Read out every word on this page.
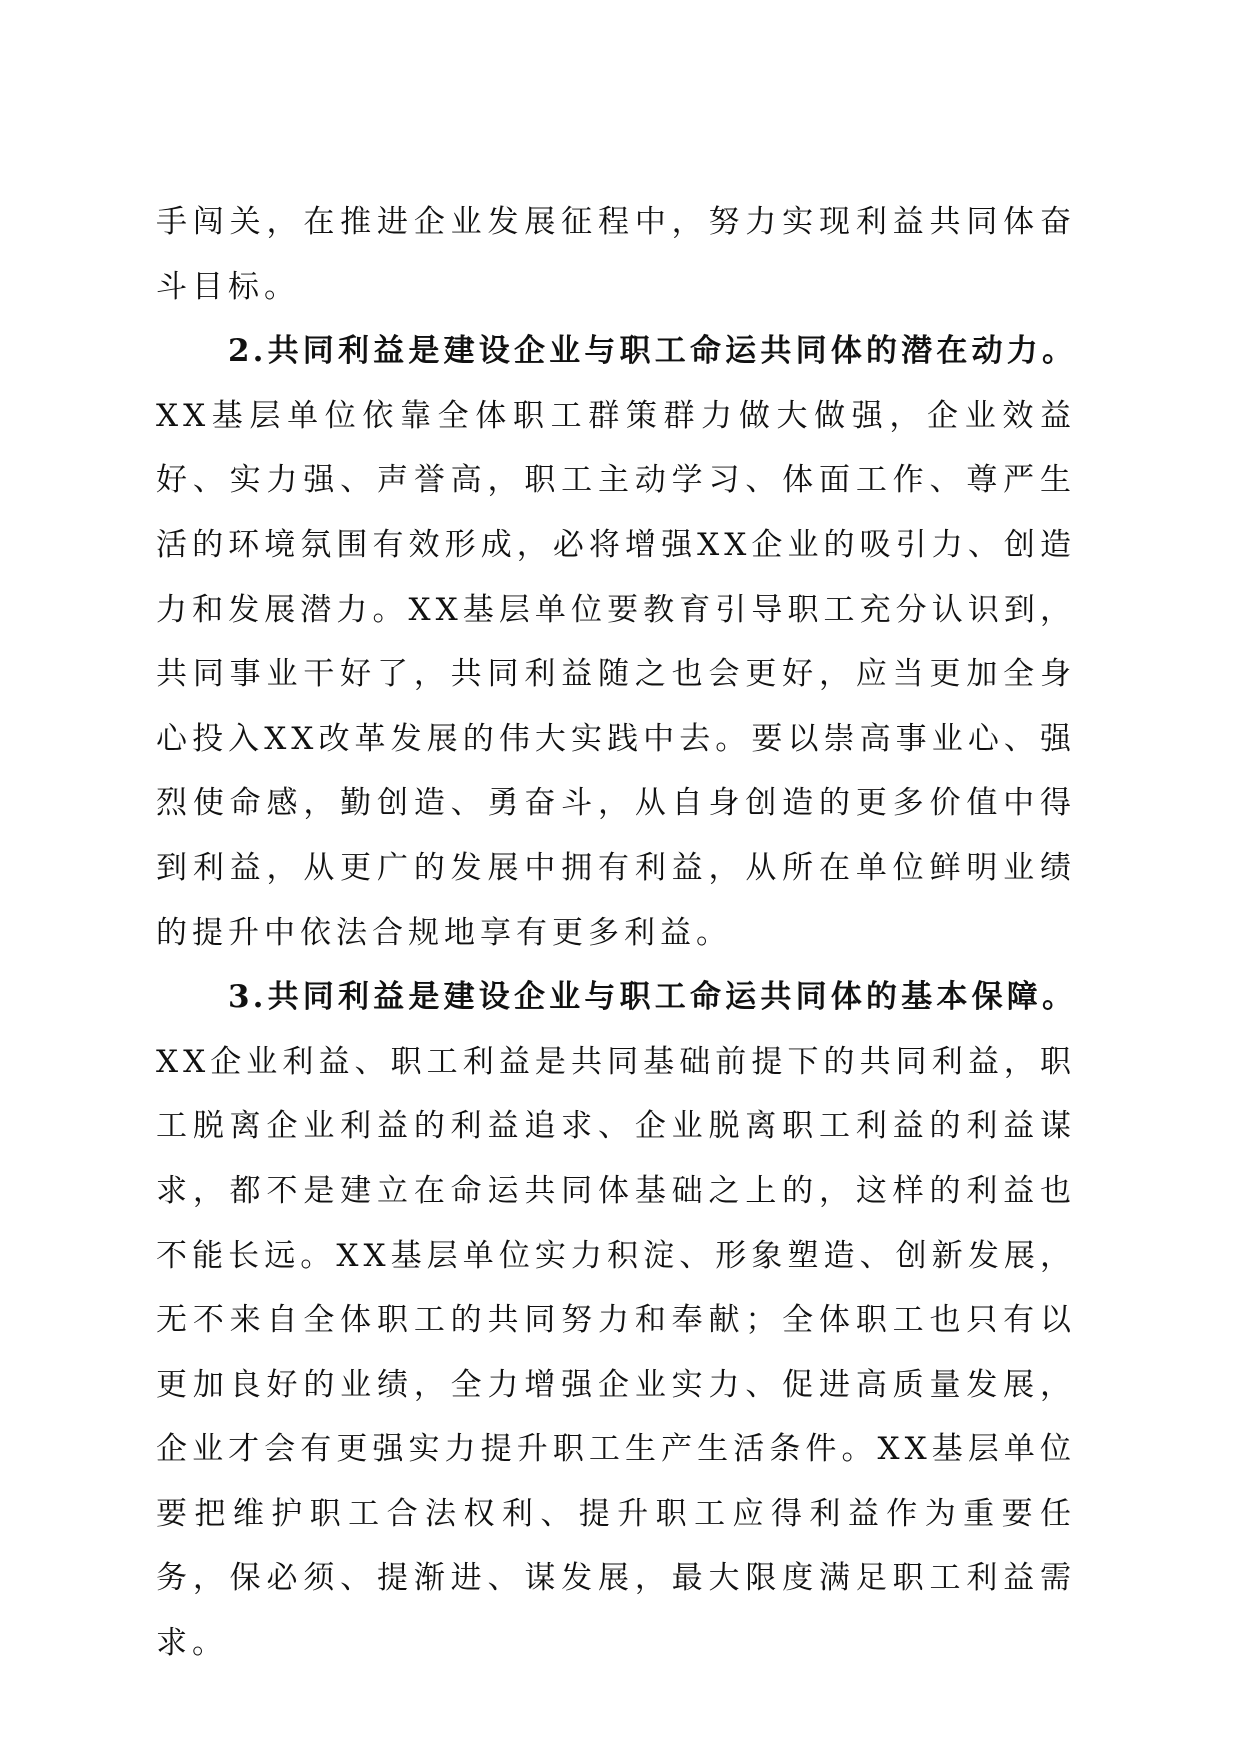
手闯关，在推进企业发展征程中，努力实现利益共同体奋斗目标。

2.共同利益是建设企业与职工命运共同体的潜在动力。XX基层单位依靠全体职工群策群力做大做强，企业效益好、实力强、声誉高，职工主动学习、体面工作、尊严生活的环境氛围有效形成，必将增强XX企业的吸引力、创造力和发展潜力。XX基层单位要教育引导职工充分认识到，共同事业干好了，共同利益随之也会更好，应当更加全身心投入XX改革发展的伟大实践中去。要以崇高事业心、强烈使命感，勤创造、勇奋斗，从自身创造的更多价值中得到利益，从更广的发展中拥有利益，从所在单位鲜明业绩的提升中依法合规地享有更多利益。

3.共同利益是建设企业与职工命运共同体的基本保障。XX企业利益、职工利益是共同基础前提下的共同利益，职工脱离企业利益的利益追求、企业脱离职工利益的利益谋求，都不是建立在命运共同体基础之上的，这样的利益也不能长远。XX基层单位实力积淀、形象塑造、创新发展，无不来自全体职工的共同努力和奉献；全体职工也只有以更加良好的业绩，全力增强企业实力、促进高质量发展，企业才会有更强实力提升职工生产生活条件。XX基层单位要把维护职工合法权利、提升职工应得利益作为重要任务，保必须、提渐进、谋发展，最大限度满足职工利益需求。
